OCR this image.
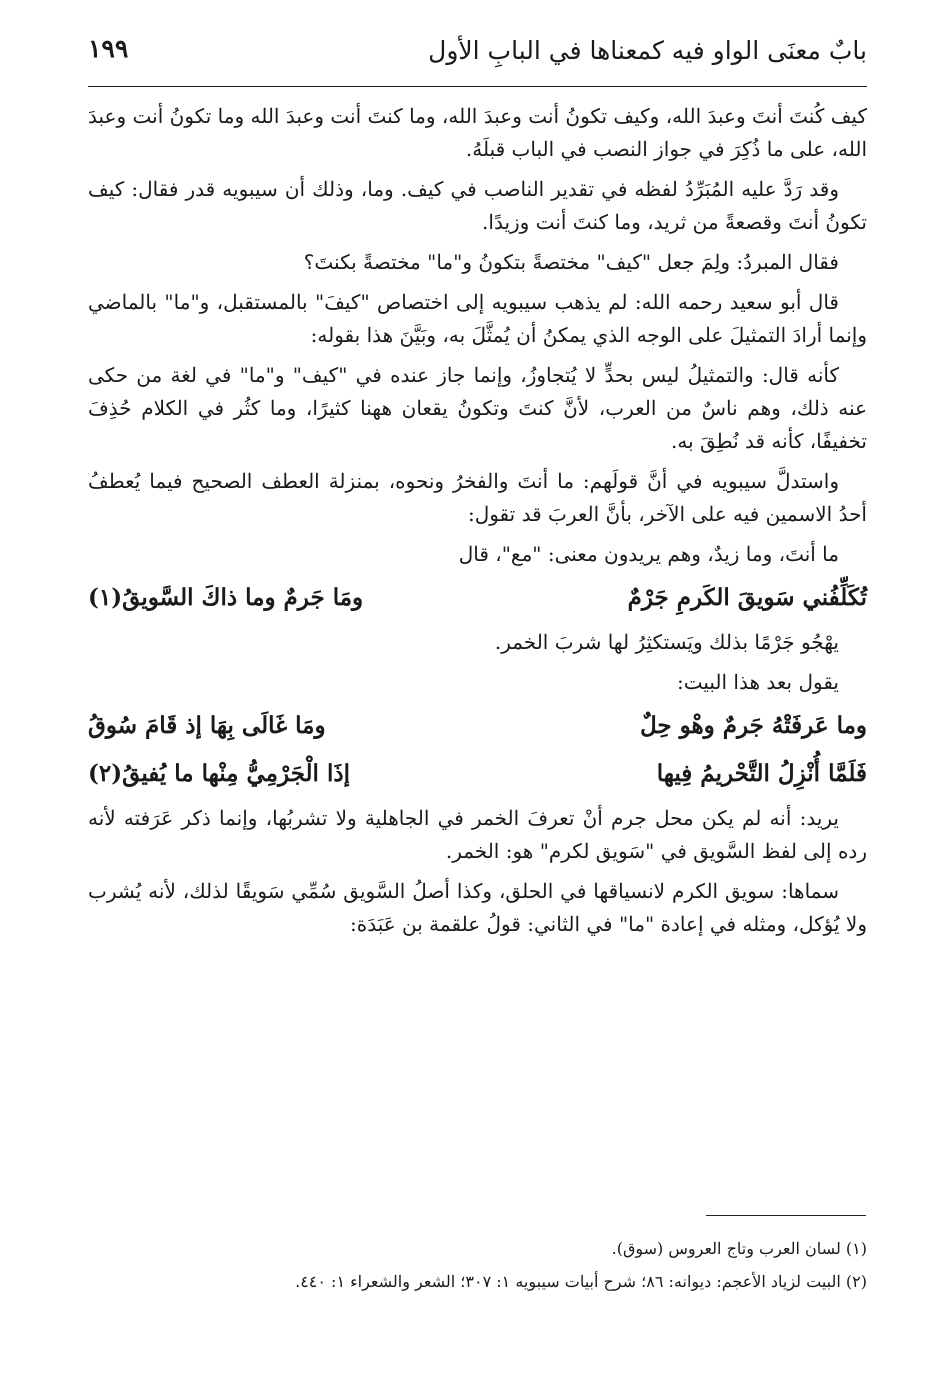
بابٌ معنَى الواو فيه كمعناها في البابِ الأول
١٩٩

كيف كُنتَ أنتَ وعبدَ الله، وكيف تكونُ أنت وعبدَ الله، وما كنتَ أنت وعبدَ الله وما تكونُ أنت وعبدَ الله، على ما ذُكِرَ في جواز النصب في الباب قبلَهُ.

وقد رَدَّ عليه المُبَرِّدُ لفظه في تقدير الناصب في كيف. وما، وذلك أن سيبويه قدر فقال: كيف تكونُ أنتَ وقصعةً من ثريد، وما كنتَ أنت وزيدًا.

فقال المبردُ: ولِمَ جعل "كيف" مختصةً بتكونُ و"ما" مختصةً بكنتَ؟

قال أبو سعيد رحمه الله: لم يذهب سيبويه إلى اختصاص "كيفَ" بالمستقبل، و"ما" بالماضي وإنما أرادَ التمثيلَ على الوجه الذي يمكنُ أن يُمثَّلَ به، وبَيَّنَ هذا بقوله:

كأنه قال: والتمثيلُ ليس بحدٍّ لا يُتجاوزُ، وإنما جاز عنده في "كيف" و"ما" في لغة من حكى عنه ذلك، وهم ناسٌ من العرب، لأنَّ كنتَ وتكونُ يقعان ههنا كثيرًا، وما كثُر في الكلام حُذِفَ تخفيفًا، كأنه قد نُطِقَ به.

واستدلَّ سيبويه في أنَّ قولَهم: ما أنتَ والفخرُ ونحوه، بمنزلة العطف الصحيح فيما يُعطفُ أحدُ الاسمين فيه على الآخر، بأنَّ العربَ قد تقول:

ما أنتَ، وما زيدٌ، وهم يريدون معنى: "مع"، قال

تُكَلِّفُني سَويقَ الكَرمِ جَرْمٌ
ومَا جَرمٌ وما ذاكَ السَّويقُ(١)

يهْجُو جَرْمًا بذلك ويَستكثِرُ لها شربَ الخمر.

يقول بعد هذا البيت:

وما عَرفَتْهُ جَرمٌ وهْو حِلٌ
ومَا غَالَى بِهَا إذ قَامَ سُوقُ
فَلَمَّا أُنْزِلُ التَّحْريمُ فِيها
إذَا الْجَرْمِيُّ مِنْها ما يُفيقُ(٢)

يريد: أنه لم يكن محل جرم أنْ تعرفَ الخمر في الجاهلية ولا تشربُها، وإنما ذكر عَرَفته لأنه رده إلى لفظ السَّويق في "سَويق لكرم" هو: الخمر.

سماها: سويق الكرم لانسياقها في الحلق، وكذا أصلُ السَّويق سُمِّي سَويقًا لذلك، لأنه يُشرب ولا يُؤكل، ومثله في إعادة "ما" في الثاني: قولُ علقمة بن عَبَدَة:

(١) لسان العرب وتاج العروس (سوق).

(٢) البيت لزياد الأعجم: ديوانه: ٨٦؛ شرح أبيات سيبويه ١: ٣٠٧؛ الشعر والشعراء ١: ٤٤٠.
